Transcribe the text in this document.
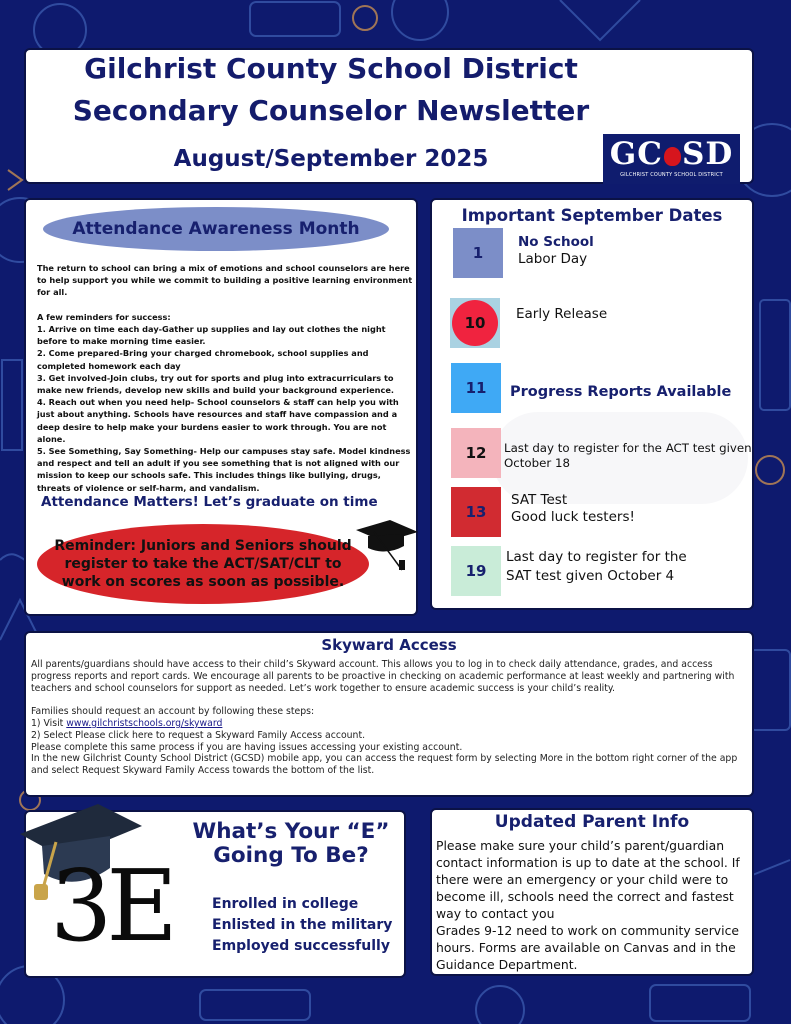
Gilchrist County School District
Secondary Counselor Newsletter
August/September 2025	GC SD
GILCHRIST COUNTY SCHOOL DISTRICT
Attendance Awareness Month

The return to school can bring a mix of emotions and school counselors are here to help support you while we commit to building a positive learning environment for all.

A few reminders for success:

1. Arrive on time each day-Gather up supplies and lay out clothes the night before to make morning time easier.

2. Come prepared-Bring your charged chromebook, school supplies and completed homework each day

3. Get involved-Join clubs, try out for sports and plug into extracurriculars to make new friends, develop new skills and build your background experience.

4. Reach out when you need help- School counselors & staff can help you with just about anything. Schools have resources and staff have compassion and a deep desire to help make your burdens easier to work through. You are not alone.

5. See Something, Say Something- Help our campuses stay safe. Model kindness and respect and tell an adult if you see something that is not aligned with our mission to keep our schools safe. This includes things like bullying, drugs, threats of violence or self-harm, and vandalism.

Attendance Matters! Let’s graduate on time
Reminder: Juniors and Seniors should register to take the ACT/SAT/CLT to work on scores as soon as possible.
Important September Dates
1
No School
Labor Day
10 Early Release
11 Progress Reports Available
12 Last day to register for the ACT test given October 18
13
SAT Test
Good luck testers!
19
Last day to register for the SAT test given October 4
Skyward Access

All parents/guardians should have access to their child’s Skyward account. This allows you to log in to check daily attendance, grades, and access progress reports and report cards. We encourage all parents to be proactive in checking on academic performance at least weekly and partnering with teachers and school counselors for support as needed. Let’s work together to ensure academic success is your child’s reality.

Families should request an account by following these steps:

1) Visit www.gilchristschools.org/skyward

2) Select Please click here to request a Skyward Family Access account.

Please complete this same process if you are having issues accessing your existing account.

In the new Gilchrist County School District (GCSD) mobile app, you can access the request form by selecting More in the bottom right corner of the app and select Request Skyward Family Access towards the bottom of the list.

3E
What’s Your “E”
Going To Be?
Enrolled in college
Enlisted in the military
Employed successfully
Updated Parent Info

Please make sure your child’s parent/guardian contact information is up to date at the school. If there were an emergency or your child were to become ill, schools need the correct and fastest way to contact you

Grades 9-12 need to work on community service hours. Forms are available on Canvas and in the Guidance Department.
